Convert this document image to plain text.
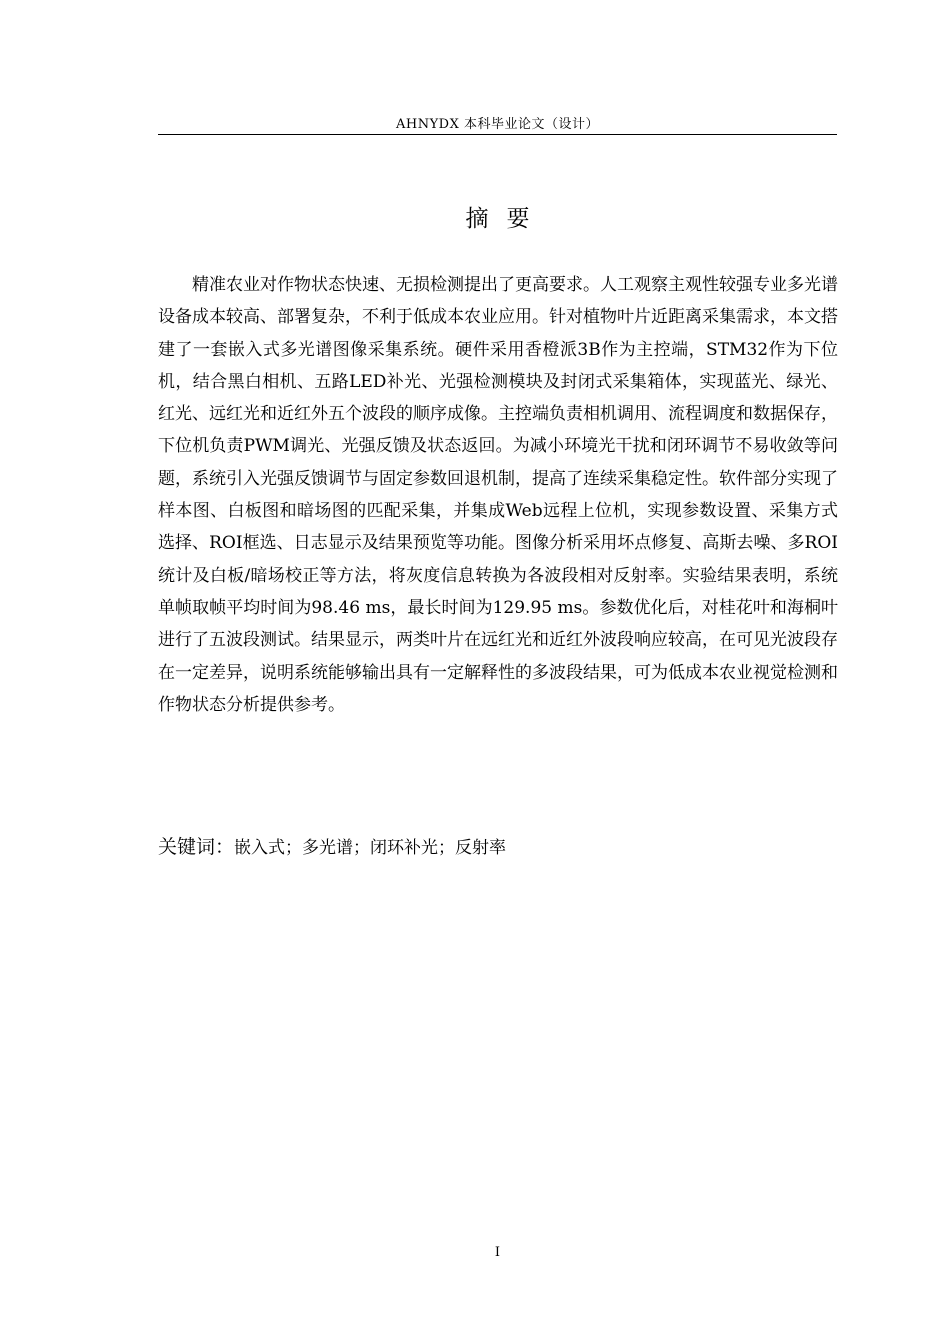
AHNYDX 本科毕业论文（设计）
摘要

精准农业对作物状态快速、无损检测提出了更高要求。人工观察主观性较强专业多光谱设备成本较高、部署复杂，不利于低成本农业应用。针对植物叶片近距离采集需求，本文搭建了一套嵌入式多光谱图像采集系统。硬件采用香橙派3B作为主控端，STM32作为下位机，结合黑白相机、五路LED补光、光强检测模块及封闭式采集箱体，实现蓝光、绿光、红光、远红光和近红外五个波段的顺序成像。主控端负责相机调用、流程调度和数据保存，下位机负责PWM调光、光强反馈及状态返回。为减小环境光干扰和闭环调节不易收敛等问题，系统引入光强反馈调节与固定参数回退机制，提高了连续采集稳定性。软件部分实现了样本图、白板图和暗场图的匹配采集，并集成Web远程上位机，实现参数设置、采集方式选择、ROI框选、日志显示及结果预览等功能。图像分析采用坏点修复、高斯去噪、多ROI统计及白板/暗场校正等方法，将灰度信息转换为各波段相对反射率。实验结果表明，系统单帧取帧平均时间为98.46 ms，最长时间为129.95 ms。参数优化后，对桂花叶和海桐叶进行了五波段测试。结果显示，两类叶片在远红光和近红外波段响应较高，在可见光波段存在一定差异，说明系统能够输出具有一定解释性的多波段结果，可为低成本农业视觉检测和作物状态分析提供参考。

关键词：嵌入式；多光谱；闭环补光；反射率
I
